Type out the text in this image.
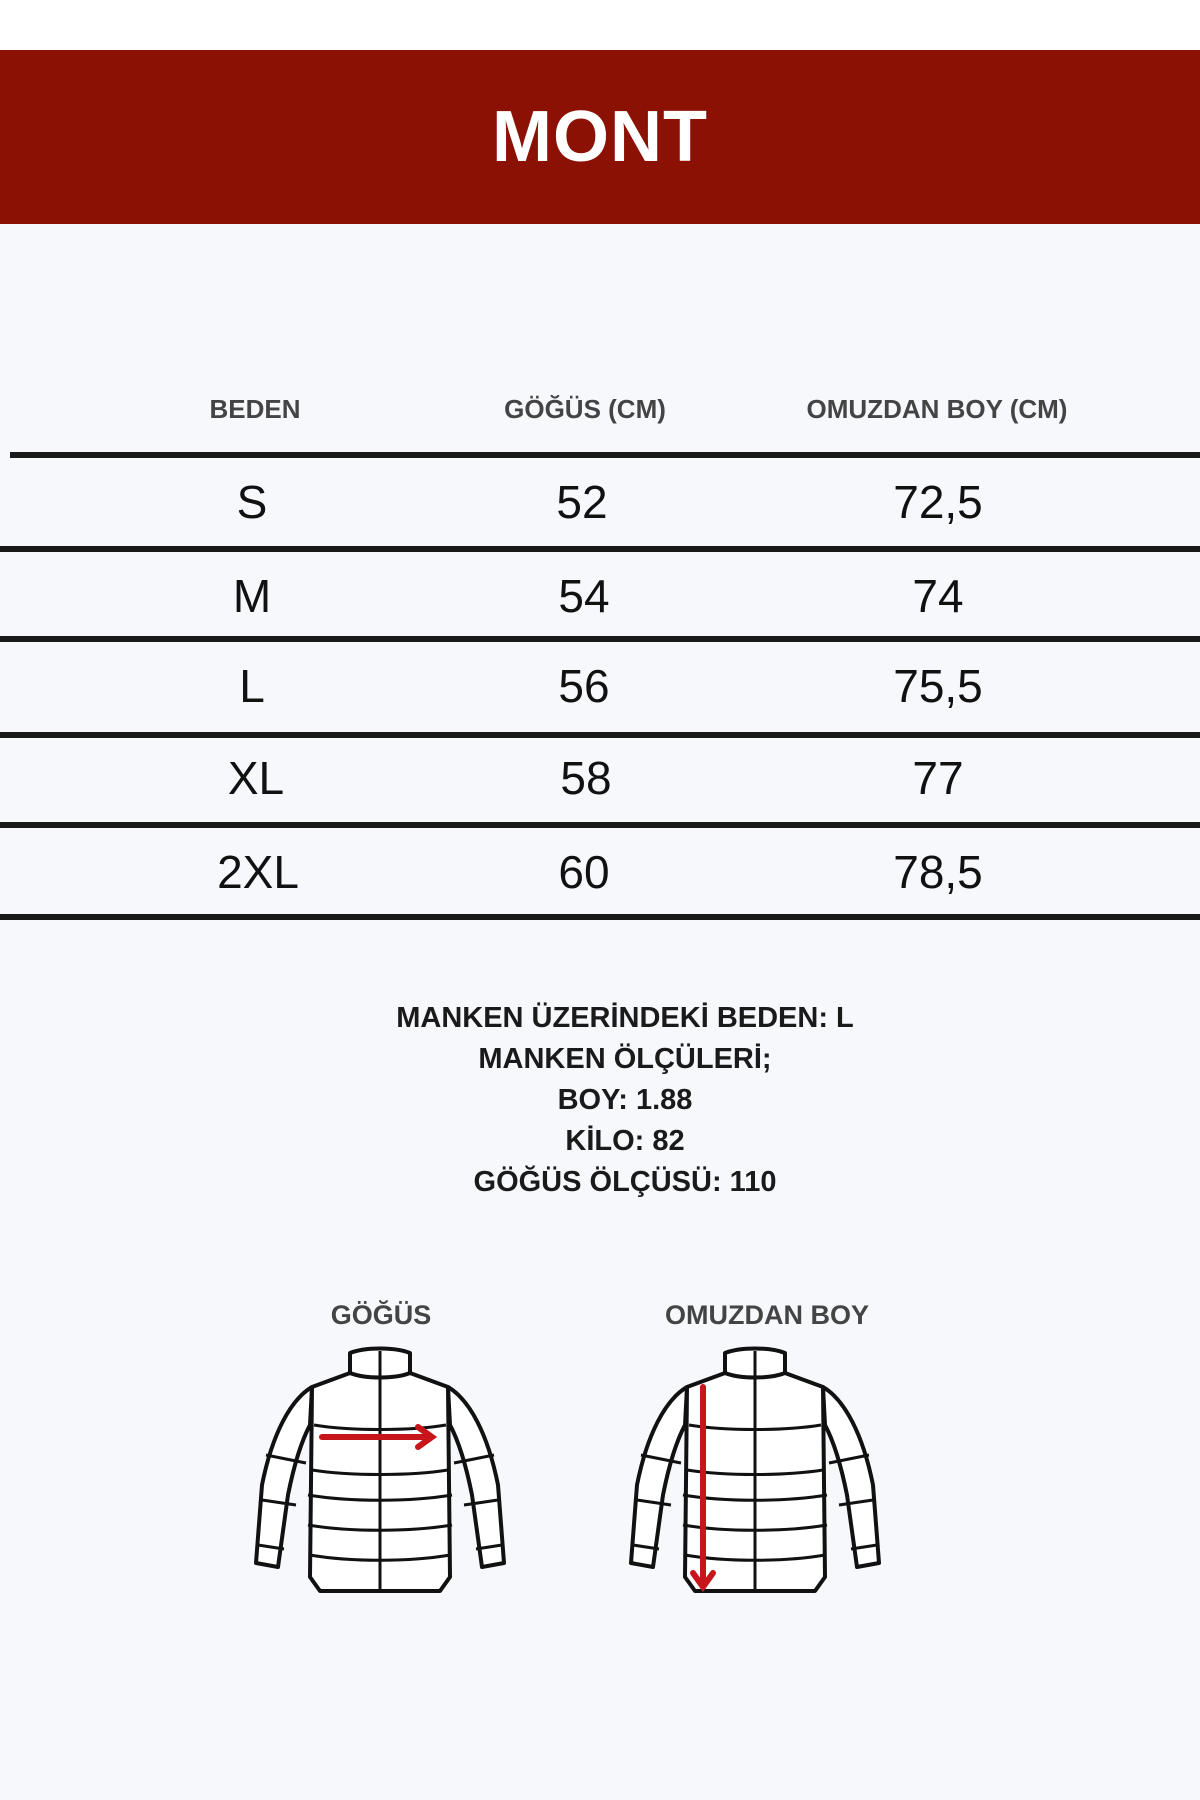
MONT
BEDEN	GÖĞÜS (CM)	OMUZDAN BOY (CM)
S	52	72,5
M	54	74
L	56	75,5
XL	58	77
2XL	60	78,5
MANKEN ÜZERİNDEKİ BEDEN: L
MANKEN ÖLÇÜLERİ;
BOY: 1.88
KİLO: 82
GÖĞÜS ÖLÇÜSÜ: 110
GÖĞÜS	OMUZDAN BOY
